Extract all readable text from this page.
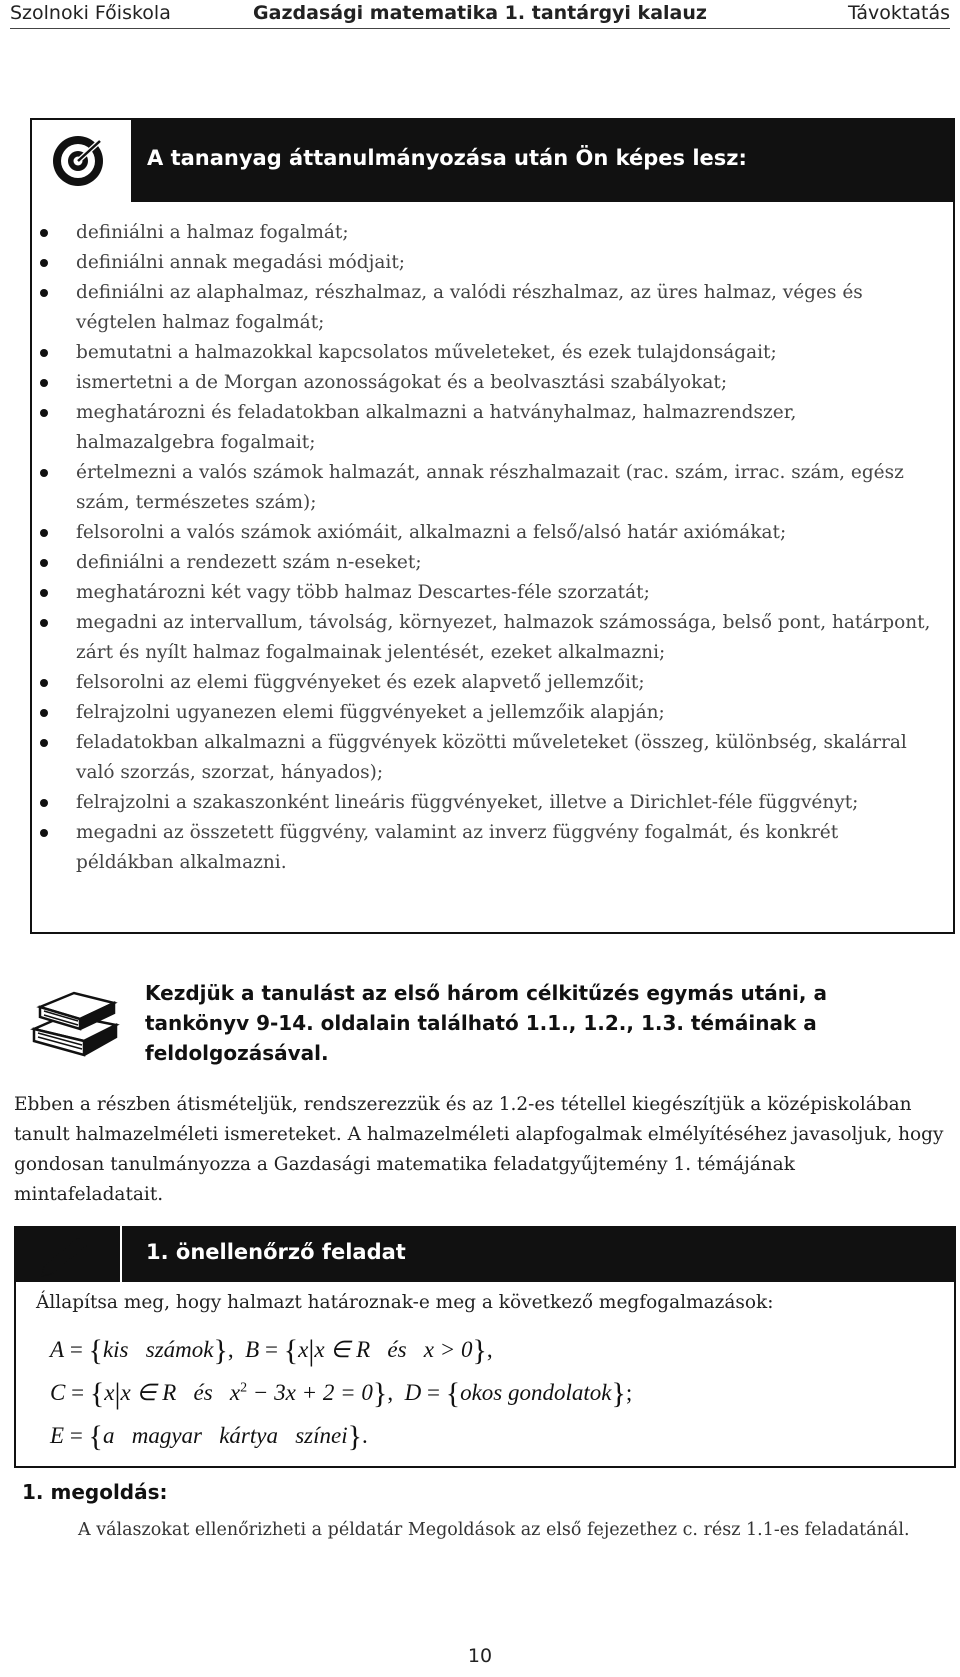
Szolnoki Főiskola	Gazdasági matematika 1. tantárgyi kalauz	Távoktatás
A tananyag áttanulmányozása után Ön képes lesz:
definiálni a halmaz fogalmát;
definiálni annak megadási módjait;
definiálni az alaphalmaz, részhalmaz, a valódi részhalmaz, az üres halmaz, véges és végtelen halmaz fogalmát;
bemutatni a halmazokkal kapcsolatos műveleteket, és ezek tulajdonságait;
ismertetni a de Morgan azonosságokat és a beolvasztási szabályokat;
meghatározni és feladatokban alkalmazni a hatványhalmaz, halmazrendszer, halmazalgebra fogalmait;
értelmezni a valós számok halmazát, annak részhalmazait (rac. szám, irrac. szám, egész szám, természetes szám);
felsorolni a valós számok axiómáit, alkalmazni a felső/alsó határ axiómákat;
definiálni a rendezett szám n-eseket;
meghatározni két vagy több halmaz Descartes-féle szorzatát;
megadni az intervallum, távolság, környezet, halmazok számossága, belső pont, határpont, zárt és nyílt halmaz fogalmainak jelentését, ezeket alkalmazni;
felsorolni az elemi függvényeket és ezek alapvető jellemzőit;
felrajzolni ugyanezen elemi függvényeket a jellemzőik alapján;
feladatokban alkalmazni a függvények közötti műveleteket (összeg, különbség, skalárral való szorzás, szorzat, hányados);
felrajzolni a szakaszonként lineáris függvényeket, illetve a Dirichlet-féle függvényt;
megadni az összetett függvény, valamint az inverz függvény fogalmát, és konkrét példákban alkalmazni.
Kezdjük a tanulást az első három célkitűzés egymás utáni, a tankönyv 9-14. oldalain található 1.1., 1.2., 1.3. témáinak a feldolgozásával.
Ebben a részben átismételjük, rendszerezzük és az 1.2-es tétellel kiegészítjük a középiskolában tanult halmazelméleti ismereteket. A halmazelméleti alapfogalmak elmélyítéséhez javasoljuk, hogy gondosan tanulmányozza a Gazdasági matematika feladatgyűjtemény 1. témájának mintafeladatait.
1. önellenőrző feladat
Állapítsa meg, hogy halmazt határoznak-e meg a következő megfogalmazások:
A = {kis   számok},  B = {x|x ∈ R   és   x > 0},
C = {x|x ∈ R   és   $x^2 - 3x + 2 = 0$},  D = {okos gondolatok};
E = {a   magyar   kártya   színei}.
1. megoldás:
A válaszokat ellenőrizheti a példatár Megoldások az első fejezethez c. rész 1.1-es feladatánál.
10
